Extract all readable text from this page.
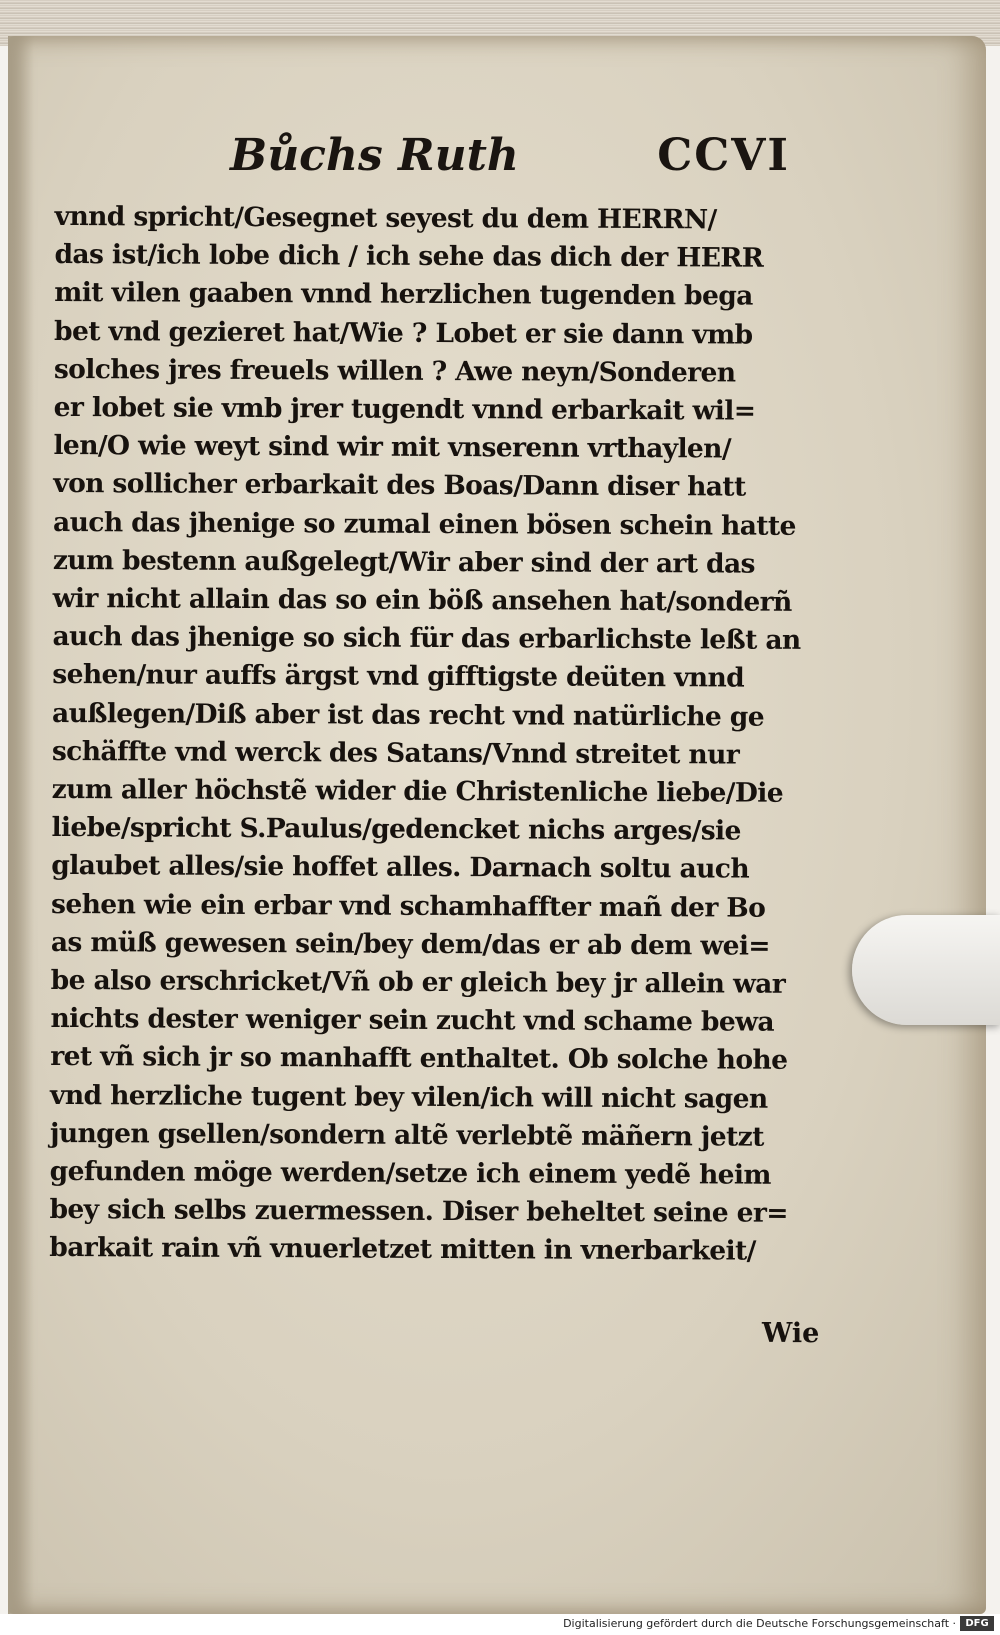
Bůchs Ruth	CCVI
vnnd spricht/Gesegnet seyest du dem HERRN/
das ist/ich lobe dich / ich sehe das dich der HERR
mit vilen gaaben vnnd herzlichen tugenden bega
bet vnd gezieret hat/Wie ? Lobet er sie dann vmb
solches jres freuels willen ? Awe neyn/Sonderen
er lobet sie vmb jrer tugendt vnnd erbarkait wil=
len/O wie weyt sind wir mit vnserenn vrthaylen/
von sollicher erbarkait des Boas/Dann diser hatt
auch das jhenige so zumal einen bösen schein hatte
zum bestenn außgelegt/Wir aber sind der art das
wir nicht allain das so ein böß ansehen hat/sonderñ
auch das jhenige so sich für das erbarlichste leßt an
sehen/nur auffs ärgst vnd gifftigste deüten vnnd
außlegen/Diß aber ist das recht vnd natürliche ge
schäffte vnd werck des Satans/Vnnd streitet nur
zum aller höchstẽ wider die Christenliche liebe/Die
liebe/spricht S.Paulus/gedencket nichs arges/sie
glaubet alles/sie hoffet alles. Darnach soltu auch
sehen wie ein erbar vnd schamhaffter mañ der Bo
as müß gewesen sein/bey dem/das er ab dem wei=
be also erschricket/Vñ ob er gleich bey jr allein war
nichts dester weniger sein zucht vnd schame bewa
ret vñ sich jr so manhafft enthaltet. Ob solche hohe
vnd herzliche tugent bey vilen/ich will nicht sagen
jungen gsellen/sondern altẽ verlebtẽ mäñern jetzt
gefunden möge werden/setze ich einem yedẽ heim
bey sich selbs zuermessen. Diser beheltet seine er=
barkait rain vñ vnuerletzet mitten in vnerbarkeit/
Wie
Digitalisierung gefördert durch die Deutsche Forschungsgemeinschaft · DFG
